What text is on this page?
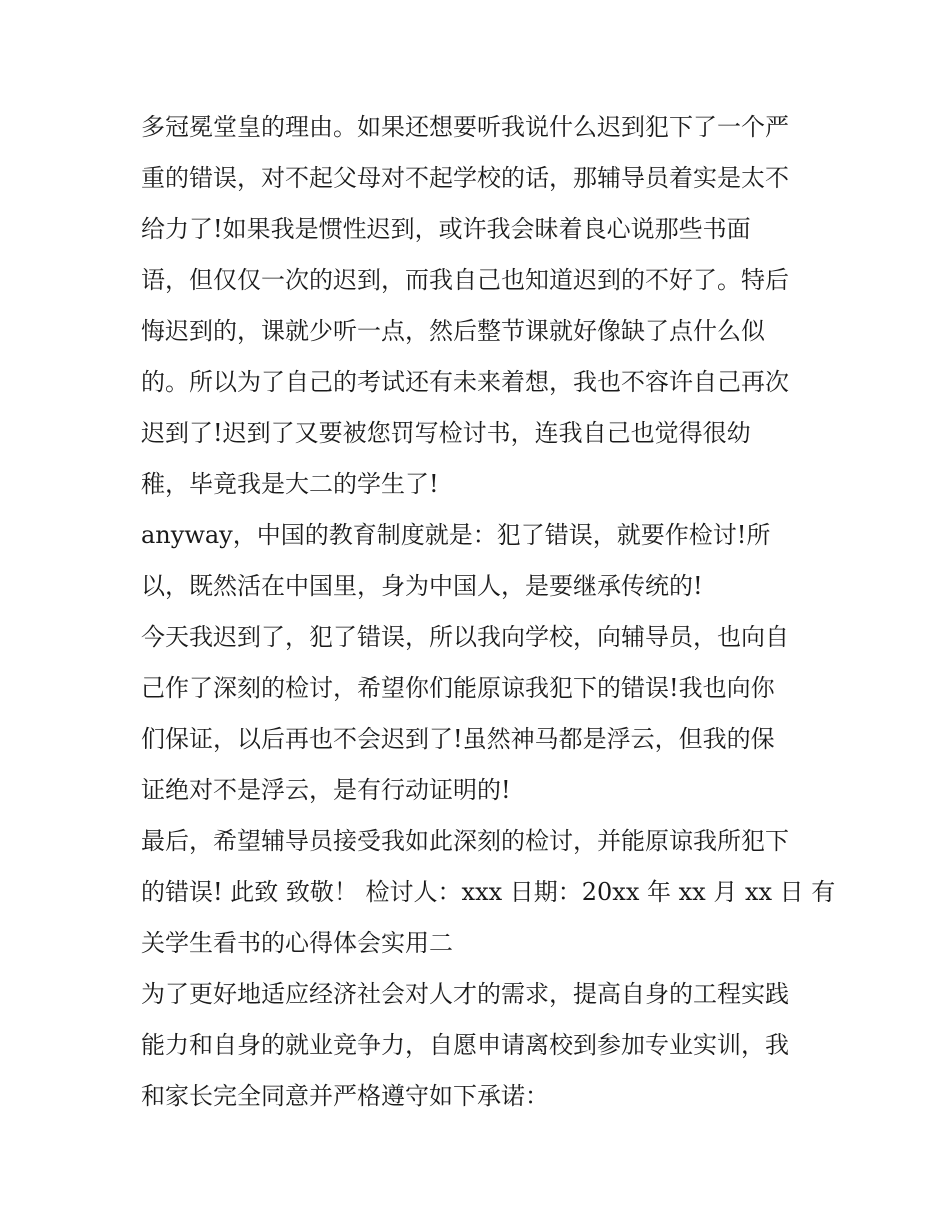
多冠冕堂皇的理由。如果还想要听我说什么迟到犯下了一个严
重的错误，对不起父母对不起学校的话，那辅导员着实是太不
给力了!如果我是惯性迟到，或许我会昧着良心说那些书面
语，但仅仅一次的迟到，而我自己也知道迟到的不好了。特后
悔迟到的，课就少听一点，然后整节课就好像缺了点什么似
的。所以为了自己的考试还有未来着想，我也不容许自己再次
迟到了!迟到了又要被您罚写检讨书，连我自己也觉得很幼
稚，毕竟我是大二的学生了!
anyway，中国的教育制度就是：犯了错误，就要作检讨!所
以，既然活在中国里，身为中国人，是要继承传统的!
今天我迟到了，犯了错误，所以我向学校，向辅导员，也向自
己作了深刻的检讨，希望你们能原谅我犯下的错误!我也向你
们保证，以后再也不会迟到了!虽然神马都是浮云，但我的保
证绝对不是浮云，是有行动证明的!
最后，希望辅导员接受我如此深刻的检讨，并能原谅我所犯下
的错误! 此致 致敬！ 检讨人：xxx 日期：20xx 年 xx 月 xx 日 有
关学生看书的心得体会实用二
为了更好地适应经济社会对人才的需求，提高自身的工程实践
能力和自身的就业竞争力，自愿申请离校到参加专业实训，我
和家长完全同意并严格遵守如下承诺：
